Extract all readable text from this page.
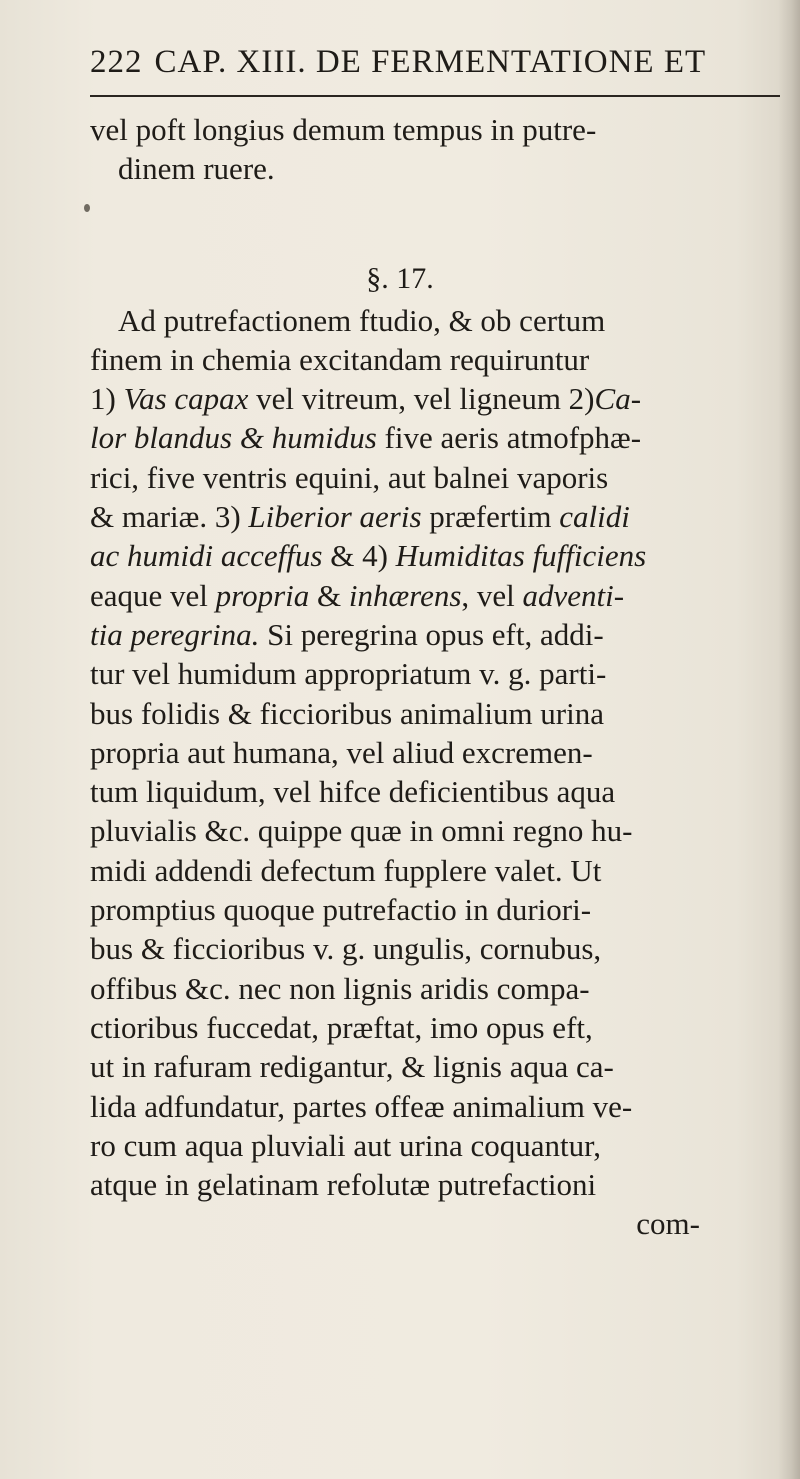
222 CAP. XIII. DE FERMENTATIONE ET
§. 17.
vel poft longius demum tempus in putre-
dinem ruere.
Ad putrefactionem ftudio, & ob certum
finem in chemia excitandam requiruntur
1) Vas capax vel vitreum, vel ligneum 2)Ca-
lor blandus & humidus five aeris atmofphæ-
rici, five ventris equini, aut balnei vaporis
& mariæ. 3) Liberior aeris præfertim calidi
ac humidi acceffus & 4) Humiditas fufficiens
eaque vel propria & inhærens, vel adventi-
tia peregrina. Si peregrina opus eft, addi-
tur vel humidum appropriatum v. g. parti-
bus folidis & ficcioribus animalium urina
propria aut humana, vel aliud excremen-
tum liquidum, vel hifce deficientibus aqua
pluvialis &c. quippe quæ in omni regno hu-
midi addendi defectum fupplere valet. Ut
promptius quoque putrefactio in duriori-
bus & ficcioribus v. g. ungulis, cornubus,
offibus &c. nec non lignis aridis compa-
ctioribus fuccedat, præftat, imo opus eft,
ut in rafuram redigantur, & lignis aqua ca-
lida adfundatur, partes offeæ animalium ve-
ro cum aqua pluviali aut urina coquantur,
atque in gelatinam refolutæ putrefactioni
com-
